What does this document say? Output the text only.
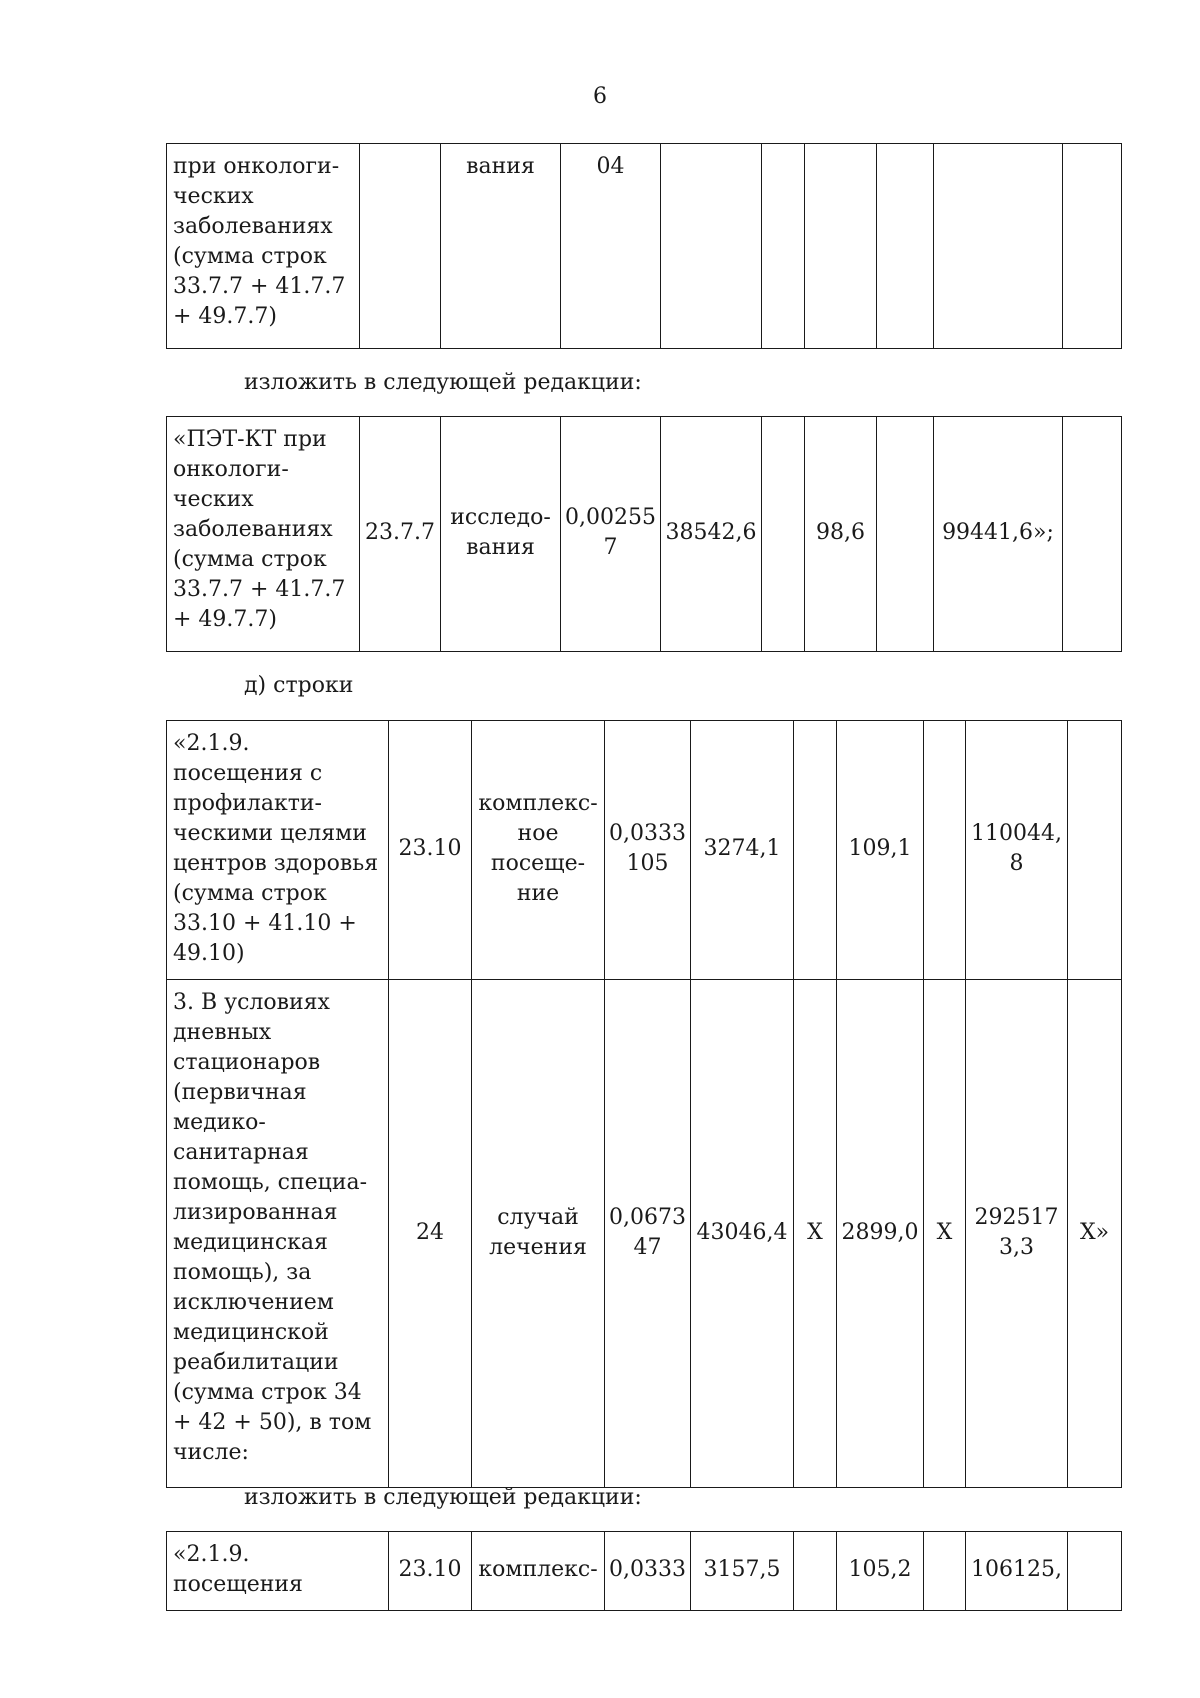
6
при онкологи- ческих заболеваниях (сумма строк 33.7.7 + 41.7.7 + 49.7.7)		вания	04						
изложить в следующей редакции:
«ПЭТ-КТ при онкологи- ческих заболеваниях (сумма строк 33.7.7 + 41.7.7 + 49.7.7)	23.7.7	исследо- вания	0,00255 7	38542,6		98,6		99441,6»;	
д) строки
«2.1.9. посещения с профилакти- ческими целями центров здоровья (сумма строк 33.10 + 41.10 + 49.10)	23.10	комплекс- ное посеще- ние	0,0333 105	3274,1		109,1		110044, 8	
3. В условиях дневных стационаров (первичная медико- санитарная помощь, специа- лизированная медицинская помощь), за исключением медицинской реабилитации (сумма строк 34 + 42 + 50), в том числе:	24	случай лечения	0,0673 47	43046,4	X	2899,0	X	292517 3,3	X»
изложить в следующей редакции:
«2.1.9. посещения	23.10	комплекс-	0,0333	3157,5		105,2		106125,	
